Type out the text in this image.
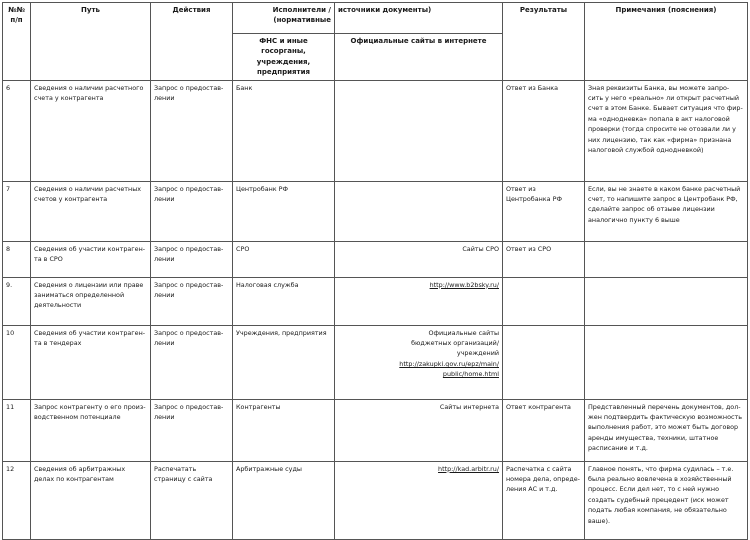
№№ п/п	Путь	Действия	Исполнители / (нормативные	источники документы)	Результаты	Примечания (пояснения)
			ФНС и иные госорганы, учреждения, предприятия	Официальные сайты в интернете		
6	Сведения о наличии расчетного счета у контрагента	Запрос о предостав- лении	Банк		Ответ из Банка	Зная реквизиты Банка, вы можете запро- сить у него «реально» ли открыт расчетный счет в этом Банке. Бывает ситуация что фир- ма «однодневка» попала в акт налоговой проверки (тогда спросите не отозвали ли у них лицензию, так как «фирма» признана налоговой службой однодневкой)
7	Сведения о наличии расчетных счетов у контрагента	Запрос о предостав- лении	Центробанк РФ		Ответ из Центробанка РФ	Если, вы не знаете в каком банке расчетный счет, то напишите запрос в Центробанк РФ, сделайте запрос об отзыве лицензии аналогично пункту 6 выше
8	Сведения об участии контраген- та в СРО	Запрос о предостав- лении	СРО	Сайты СРО	Ответ из СРО	
9.	Сведения о лицензии или праве заниматься определенной деятельности	Запрос о предостав- лении	Налоговая служба	http://www.b2bsky.ru/		
10	Сведения об участии контраген- та в тендерах	Запрос о предостав- лении	Учреждения, предприятия	Официальные сайты бюджетных организаций/учреждений
http://zakupki.gov.ru/epz/main/ public/home.html		
11	Запрос контрагенту о его произ- водственном потенциале	Запрос о предостав- лении	Контрагенты	Сайты интернета	Ответ контрагента	Представленный перечень документов, дол- жен подтвердить фактическую возможность выполнения работ, это может быть договор аренды имущества, техники, штатное расписание и т.д.
12	Сведения об арбитражных делах по контрагентам	Распечатать страницу с сайта	Арбитражные суды	http://kad.arbitr.ru/	Распечатка с сайта номера дела, опреде- ления АС и т.д.	Главное понять, что фирма судилась – т.е. была реально вовлечена в хозяйственный процесс. Если дел нет, то с ней нужно создать судебный прецедент (иск может подать любая компания, не обязательно ваше).
